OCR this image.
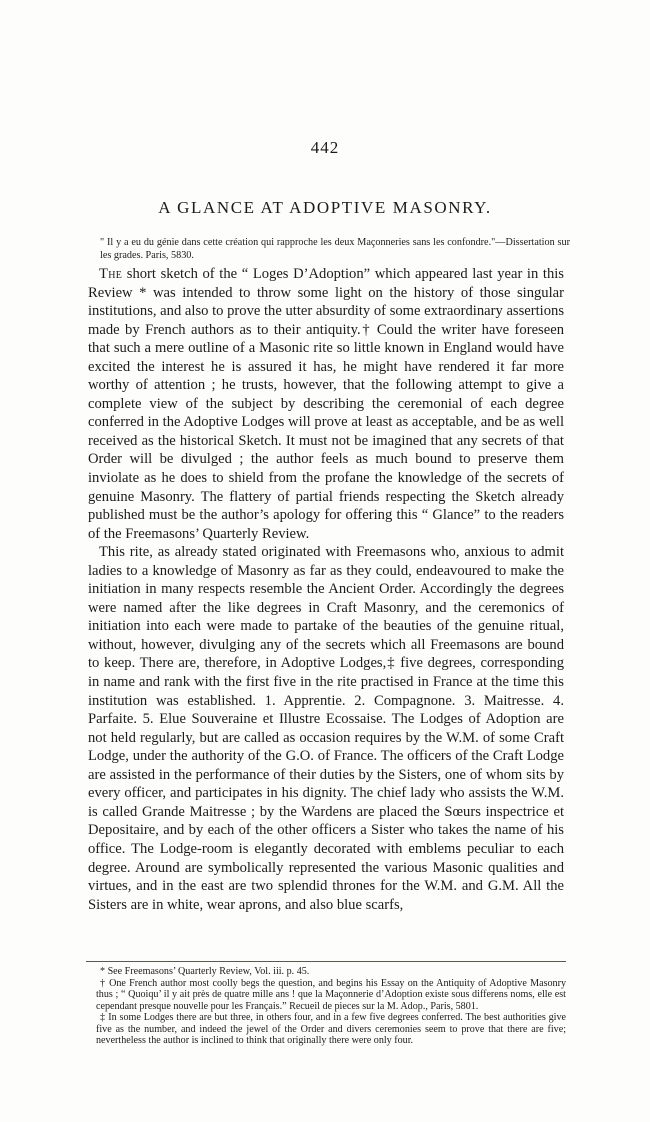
442
A GLANCE AT ADOPTIVE MASONRY.

" Il y a eu du génie dans cette création qui rapproche les deux Maçonneries sans les confondre."—Dissertation sur les grades. Paris, 5830.

The short sketch of the “ Loges D’Adoption” which appeared last year in this Review * was intended to throw some light on the history of those singular institutions, and also to prove the utter absurdity of some extraordinary assertions made by French authors as to their antiquity.† Could the writer have foreseen that such a mere outline of a Masonic rite so little known in England would have excited the interest he is assured it has, he might have rendered it far more worthy of attention ; he trusts, however, that the following attempt to give a complete view of the subject by describing the ceremonial of each degree conferred in the Adoptive Lodges will prove at least as acceptable, and be as well received as the historical Sketch. It must not be imagined that any secrets of that Order will be divulged ; the author feels as much bound to preserve them inviolate as he does to shield from the profane the knowledge of the secrets of genuine Masonry. The flattery of partial friends respecting the Sketch already published must be the author’s apology for offering this “ Glance” to the readers of the Freemasons’ Quarterly Review.

This rite, as already stated originated with Freemasons who, anxious to admit ladies to a knowledge of Masonry as far as they could, endeavoured to make the initiation in many respects resemble the Ancient Order. Accordingly the degrees were named after the like degrees in Craft Masonry, and the ceremonics of initiation into each were made to partake of the beauties of the genuine ritual, without, however, divulging any of the secrets which all Freemasons are bound to keep. There are, therefore, in Adoptive Lodges,‡ five degrees, corresponding in name and rank with the first five in the rite practised in France at the time this institution was established. 1. Apprentie. 2. Compagnone. 3. Maitresse. 4. Parfaite. 5. Elue Souveraine et Illustre Ecossaise. The Lodges of Adoption are not held regularly, but are called as occasion requires by the W.M. of some Craft Lodge, under the authority of the G.O. of France. The officers of the Craft Lodge are assisted in the performance of their duties by the Sisters, one of whom sits by every officer, and participates in his dignity. The chief lady who assists the W.M. is called Grande Maitresse ; by the Wardens are placed the Sœurs inspectrice et Depositaire, and by each of the other officers a Sister who takes the name of his office. The Lodge-room is elegantly decorated with emblems peculiar to each degree. Around are symbolically represented the various Masonic qualities and virtues, and in the east are two splendid thrones for the W.M. and G.M. All the Sisters are in white, wear aprons, and also blue scarfs,

* See Freemasons’ Quarterly Review, Vol. iii. p. 45.

† One French author most coolly begs the question, and begins his Essay on the Antiquity of Adoptive Masonry thus ; “ Quoiqu’ il y ait près de quatre mille ans ! que la Maçonnerie d’Adoption existe sous differens noms, elle est cependant presque nouvelle pour les Français.” Recueil de pieces sur la M. Adop., Paris, 5801.

‡ In some Lodges there are but three, in others four, and in a few five degrees conferred. The best authorities give five as the number, and indeed the jewel of the Order and divers ceremonies seem to prove that there are five; nevertheless the author is inclined to think that originally there were only four.
